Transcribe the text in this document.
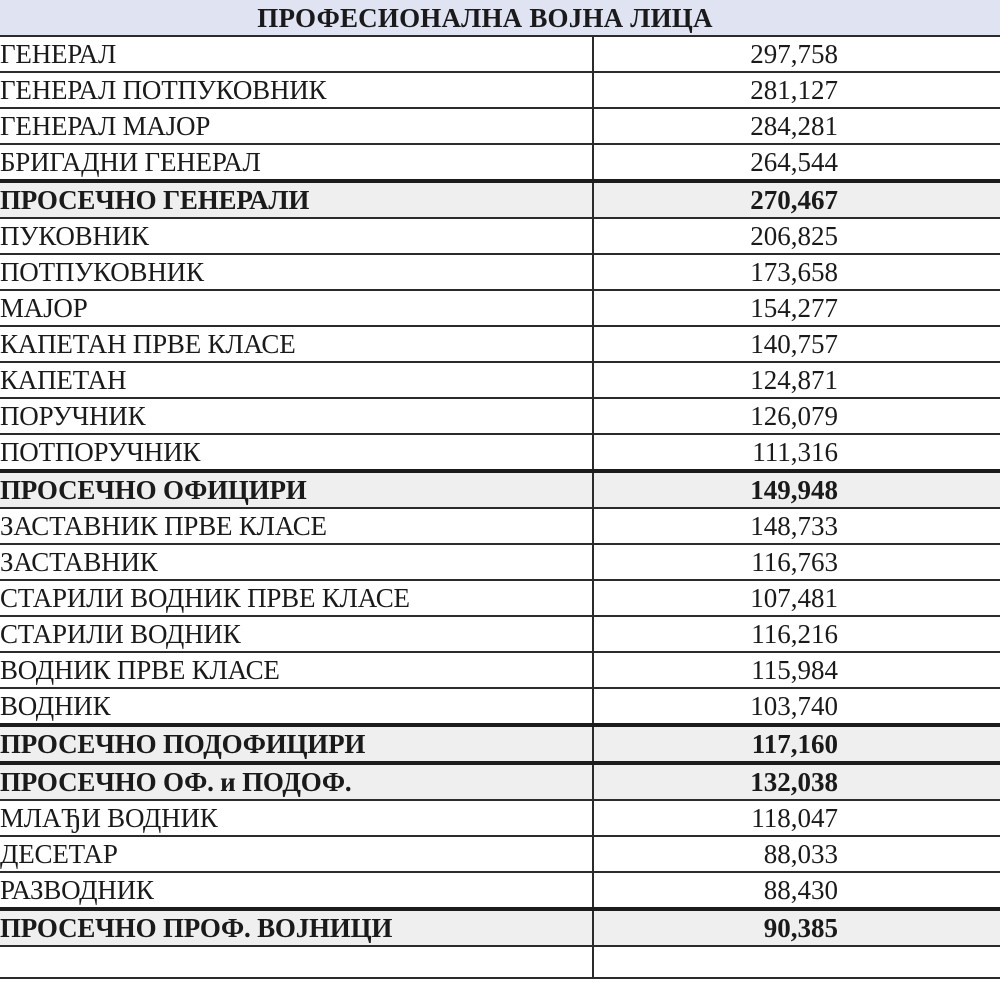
ПРОФЕСИОНАЛНА ВОЈНА ЛИЦА	
ГЕНЕРАЛ	297,758
ГЕНЕРАЛ ПОТПУКОВНИК	281,127
ГЕНЕРАЛ МАЈОР	284,281
БРИГАДНИ ГЕНЕРАЛ	264,544
ПРОСЕЧНО ГЕНЕРАЛИ	270,467
ПУКОВНИК	206,825
ПОТПУКОВНИК	173,658
МАЈОР	154,277
КАПЕТАН ПРВЕ КЛАСЕ	140,757
КАПЕТАН	124,871
ПОРУЧНИК	126,079
ПОТПОРУЧНИК	111,316
ПРОСЕЧНО ОФИЦИРИ	149,948
ЗАСТАВНИК ПРВЕ КЛАСЕ	148,733
ЗАСТАВНИК	116,763
СТАРИЛИ ВОДНИК ПРВЕ КЛАСЕ	107,481
СТАРИЛИ ВОДНИК	116,216
ВОДНИК ПРВЕ КЛАСЕ	115,984
ВОДНИК	103,740
ПРОСЕЧНО ПОДОФИЦИРИ	117,160
ПРОСЕЧНО ОФ. и ПОДОФ.	132,038
МЛАЂИ ВОДНИК	118,047
ДЕСЕТАР	88,033
РАЗВОДНИК	88,430
ПРОСЕЧНО ПРОФ. ВОЈНИЦИ	90,385
